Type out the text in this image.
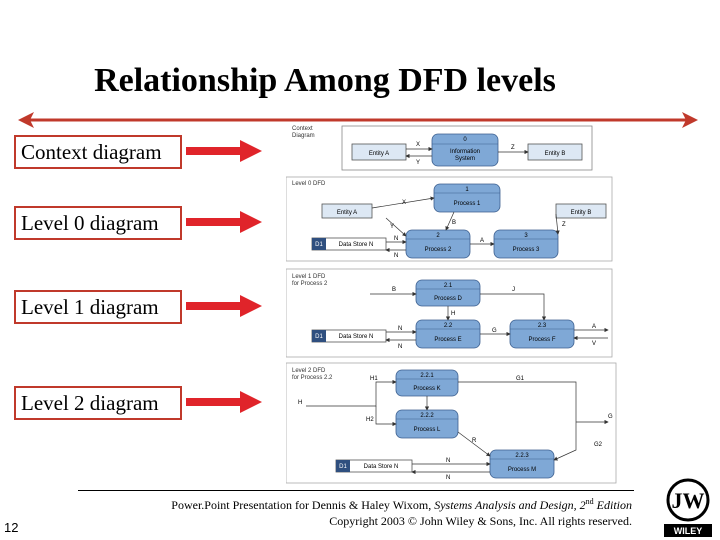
Relationship Among DFD levels
Context diagram
Level 0 diagram
Level 1 diagram
Level 2 diagram
Context
Diagram
Entity A
0
Information
System
Entity B
X
Y
Z
Level 0 DFD
Entity A	Entity B
1
Process 1
2
Process 2
3
Process 3
D1	Data Store N
X
Y
B	Z
N
N
A
Level 1 DFD
for Process 2	2.1
Process D
2.2
Process E
2.3
Process F
D1	Data Store N
B	J
H
N
N
G
A
V
Level 2 DFD
for Process 2.2	2.2.1
Process K
2.2.2
Process L
2.2.3
Process M
D1	Data Store N
H1
H
H2
G1
G
G2
R
N
N
Power.Point Presentation for Dennis & Haley Wixom, Systems Analysis and Design, 2nd Edition
Copyright 2003 © John Wiley & Sons, Inc. All rights reserved.
12
JW
WILEY
